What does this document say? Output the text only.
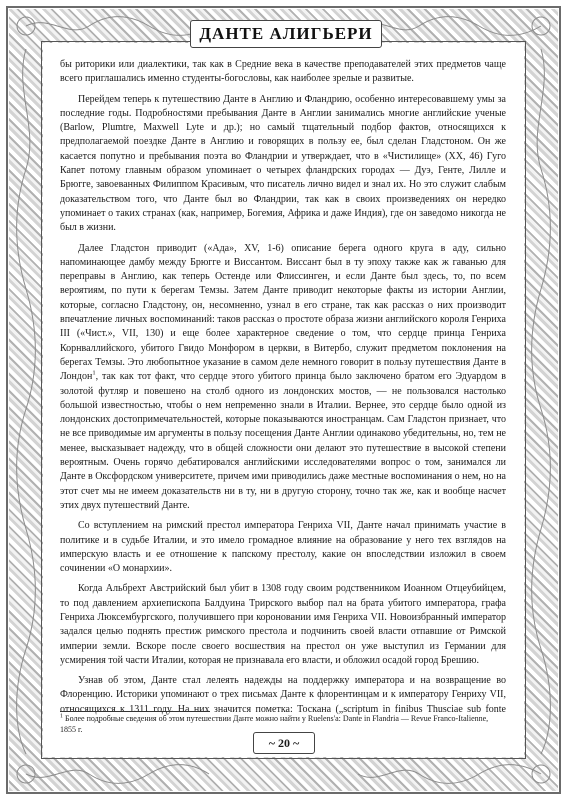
ДАНТЕ АЛИГЬЕРИ

бы риторики или диалектики, так как в Средние века в качестве преподавателей этих предметов чаще всего приглашались именно студенты-богословы, как наиболее зрелые и развитые.

Перейдем теперь к путешествию Данте в Англию и Фландрию, особенно интересовавшему умы за последние годы. Подробностями пребывания Данте в Англии занимались многие английские ученые (Barlow, Plumtre, Maxwell Lyte и др.); но самый тщательный подбор фактов, относящихся к предполагаемой поездке Данте в Англию и говорящих в пользу ее, был сделан Гладстоном. Он же касается попутно и пребывания поэта во Фландрии и утверждает, что в «Чистилище» (XX, 46) Гуго Капет потому главным образом упоминает о четырех фландрских городах — Дуэ, Генте, Лилле и Брюгге, завоеванных Филиппом Красивым, что писатель лично видел и знал их. Но это служит слабым доказательством того, что Данте был во Фландрии, так как в своих произведениях он нередко упоминает о таких странах (как, например, Богемия, Африка и даже Индия), где он заведомо никогда не был в жизни.

Далее Гладстон приводит («Ада», XV, 1-6) описание берега одного круга в аду, сильно напоминающее дамбу между Брюгге и Виссантом. Виссант был в ту эпоху также как ж гаванью для переправы в Англию, как теперь Остенде или Флиссинген, и если Данте был здесь, то, по всем вероятиям, по пути к берегам Темзы. Затем Данте приводит некоторые факты из истории Англии, которые, согласно Гладстону, он, несомненно, узнал в его стране, так как рассказ о них производит впечатление личных воспоминаний: таков рассказ о простоте образа жизни английского короля Генриха III («Чист.», VII, 130) и еще более характерное сведение о том, что сердце принца Генриха Корнваллийского, убитого Гвидо Монфором в церкви, в Витербо, служит предметом поклонения на берегах Темзы. Это любопытное указание в самом деле немного говорит в пользу путешествия Данте в Лондон$^1$, так как тот факт, что сердце этого убитого принца было заключено братом его Эдуардом в золотой футляр и повешено на столб одного из лондонских мостов, — не пользовался настолько большой известностью, чтобы о нем непременно знали в Италии. Вернее, это сердце было одной из лондонских достопримечательностей, которые показываются иностранцам. Сам Гладстон признает, что не все приводимые им аргументы в пользу посещения Данте Англии одинаково убедительны, но, тем не менее, высказывает надежду, что в общей сложности они делают это путешествие в высокой степени вероятным. Очень горячо дебатировался английскими исследователями вопрос о том, занимался ли Данте в Оксфордском университете, причем ими приводились даже местные воспоминания о нем, но на этот счет мы не имеем доказательств ни в ту, ни в другую сторону, точно так же, как и вообще насчет этих двух путешествий Данте.

Со вступлением на римский престол императора Генриха VII, Данте начал принимать участие в политике и в судьбе Италии, и это имело громадное влияние на образование у него тех взглядов на имперскую власть и ее отношение к папскому престолу, какие он впоследствии изложил в своем сочинении «О монархии».

Когда Альбрехт Австрийский был убит в 1308 году своим родственником Иоанном Отцеубийцем, то под давлением архиепископа Балдуина Трирского выбор пал на брата убитого императора, графа Генриха Люксембургского, получившего при короновании имя Генриха VII. Новоизбранный император задался целью поднять престиж римского престола и подчинить своей власти отпавшие от Римской империи земли. Вскоре после своего восшествия на престол он уже выступил из Германии для усмирения той части Италии, которая не признавала его власти, и обложил осадой город Брешию.

Узнав об этом, Данте стал лелеять надежды на поддержку императора и на возвращение во Флоренцию. Историки упоминают о трех письмах Данте к флорентинцам и к императору Генриху VII, относящихся к 1311 году. На них значится пометка: Тоскана („scriptum in finibus Thusciae sub fonte

$^1$ Более подробные сведения об этом путешествии Данте можно найти у Ruelens'a: Dante in Flandria — Revue Franco-Italienne, 1855 г.
~ 20 ~
